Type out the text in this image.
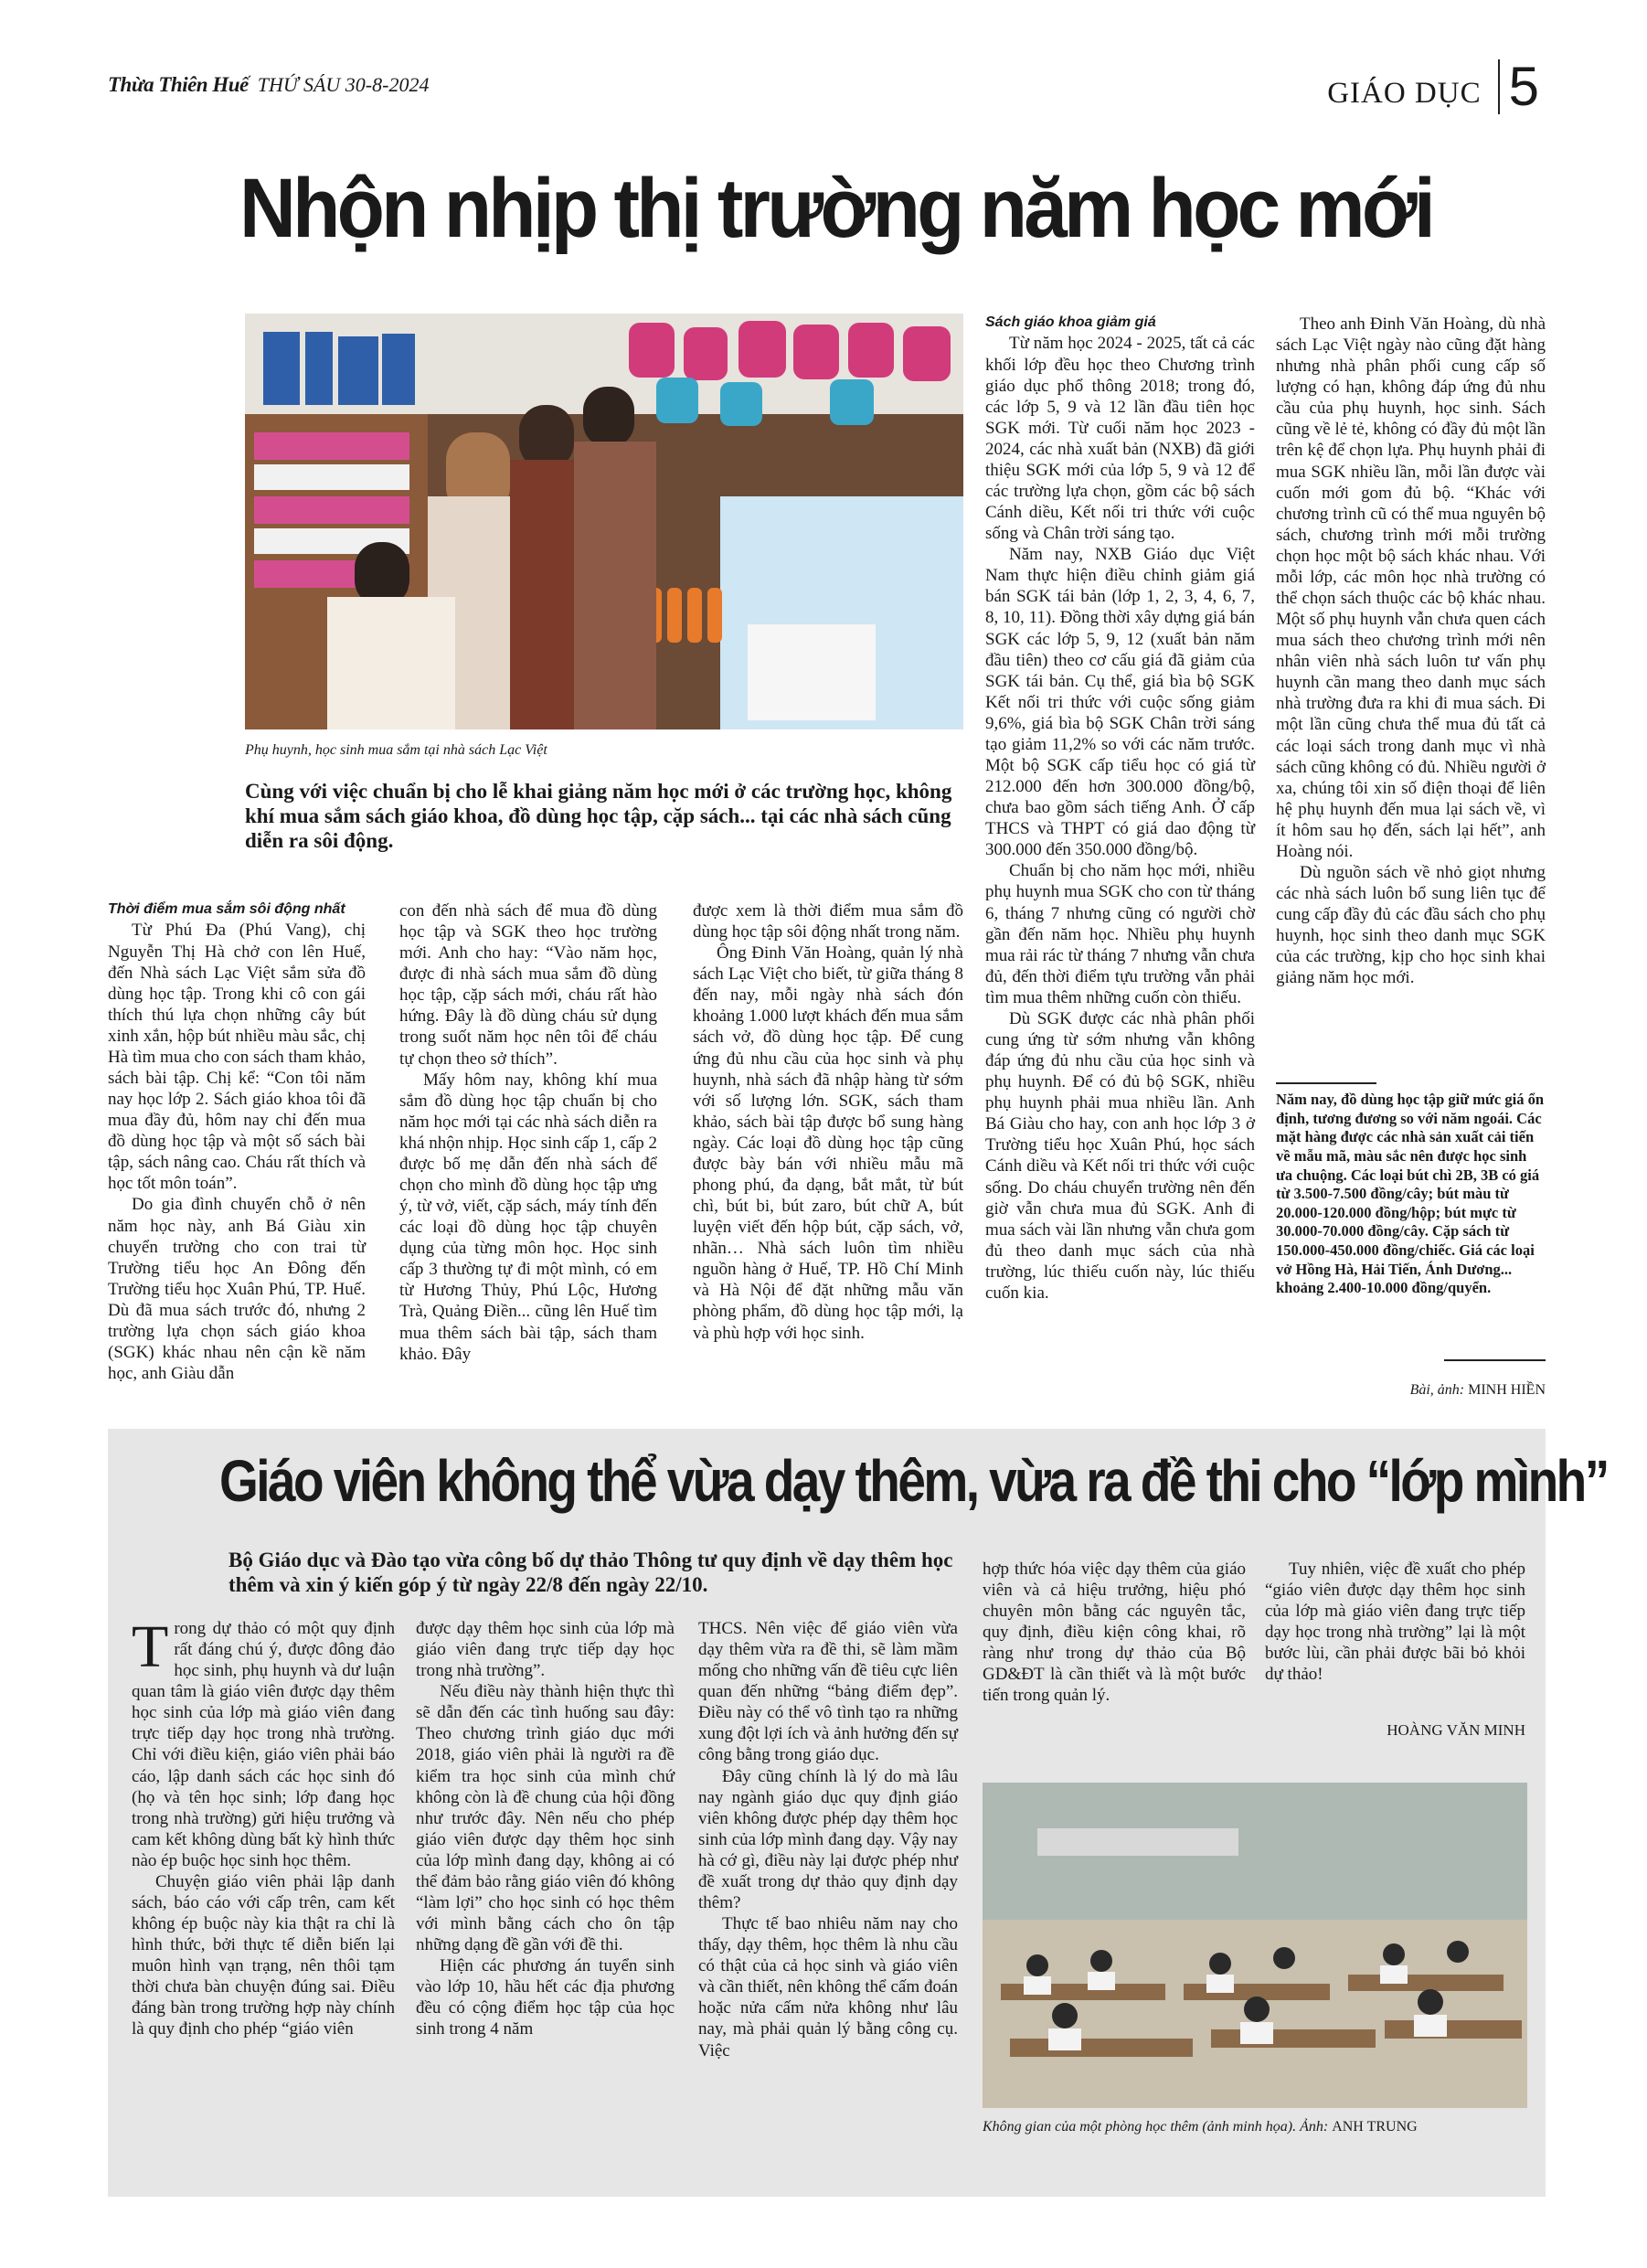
Thừa Thiên Huế THỨ SÁU 30-8-2024	GIÁO DỤC 5
Nhộn nhịp thị trường năm học mới
Phụ huynh, học sinh mua sắm tại nhà sách Lạc Việt
Cùng với việc chuẩn bị cho lễ khai giảng năm học mới ở các trường học, không khí mua sắm sách giáo khoa, đồ dùng học tập, cặp sách... tại các nhà sách cũng diễn ra sôi động.
Thời điểm mua sắm sôi động nhất

Từ Phú Đa (Phú Vang), chị Nguyễn Thị Hà chở con lên Huế, đến Nhà sách Lạc Việt sắm sửa đồ dùng học tập. Trong khi cô con gái thích thú lựa chọn những cây bút xinh xắn, hộp bút nhiều màu sắc, chị Hà tìm mua cho con sách tham khảo, sách bài tập. Chị kể: “Con tôi năm nay học lớp 2. Sách giáo khoa tôi đã mua đầy đủ, hôm nay chỉ đến mua đồ dùng học tập và một số sách bài tập, sách nâng cao. Cháu rất thích và học tốt môn toán”.

Do gia đình chuyển chỗ ở nên năm học này, anh Bá Giàu xin chuyển trường cho con trai từ Trường tiểu học An Đông đến Trường tiểu học Xuân Phú, TP. Huế. Dù đã mua sách trước đó, nhưng 2 trường lựa chọn sách giáo khoa (SGK) khác nhau nên cận kề năm học, anh Giàu dẫn

con đến nhà sách để mua đồ dùng học tập và SGK theo học trường mới. Anh cho hay: “Vào năm học, được đi nhà sách mua sắm đồ dùng học tập, cặp sách mới, cháu rất hào hứng. Đây là đồ dùng cháu sử dụng trong suốt năm học nên tôi để cháu tự chọn theo sở thích”.

Mấy hôm nay, không khí mua sắm đồ dùng học tập chuẩn bị cho năm học mới tại các nhà sách diễn ra khá nhộn nhịp. Học sinh cấp 1, cấp 2 được bố mẹ dẫn đến nhà sách để chọn cho mình đồ dùng học tập ưng ý, từ vở, viết, cặp sách, máy tính đến các loại đồ dùng học tập chuyên dụng của từng môn học. Học sinh cấp 3 thường tự đi một mình, có em từ Hương Thủy, Phú Lộc, Hương Trà, Quảng Điền... cũng lên Huế tìm mua thêm sách bài tập, sách tham khảo. Đây

được xem là thời điểm mua sắm đồ dùng học tập sôi động nhất trong năm.

Ông Đinh Văn Hoàng, quản lý nhà sách Lạc Việt cho biết, từ giữa tháng 8 đến nay, mỗi ngày nhà sách đón khoảng 1.000 lượt khách đến mua sắm sách vở, đồ dùng học tập. Để cung ứng đủ nhu cầu của học sinh và phụ huynh, nhà sách đã nhập hàng từ sớm với số lượng lớn. SGK, sách tham khảo, sách bài tập được bổ sung hàng ngày. Các loại đồ dùng học tập cũng được bày bán với nhiều mẫu mã phong phú, đa dạng, bắt mắt, từ bút chì, bút bi, bút zaro, bút chữ A, bút luyện viết đến hộp bút, cặp sách, vở, nhãn… Nhà sách luôn tìm nhiều nguồn hàng ở Huế, TP. Hồ Chí Minh và Hà Nội để đặt những mẫu văn phòng phẩm, đồ dùng học tập mới, lạ và phù hợp với học sinh.

Sách giáo khoa giảm giá

Từ năm học 2024 - 2025, tất cả các khối lớp đều học theo Chương trình giáo dục phổ thông 2018; trong đó, các lớp 5, 9 và 12 lần đầu tiên học SGK mới. Từ cuối năm học 2023 - 2024, các nhà xuất bản (NXB) đã giới thiệu SGK mới của lớp 5, 9 và 12 để các trường lựa chọn, gồm các bộ sách Cánh diều, Kết nối tri thức với cuộc sống và Chân trời sáng tạo.

Năm nay, NXB Giáo dục Việt Nam thực hiện điều chỉnh giảm giá bán SGK tái bản (lớp 1, 2, 3, 4, 6, 7, 8, 10, 11). Đồng thời xây dựng giá bán SGK các lớp 5, 9, 12 (xuất bản năm đầu tiên) theo cơ cấu giá đã giảm của SGK tái bản. Cụ thể, giá bìa bộ SGK Kết nối tri thức với cuộc sống giảm 9,6%, giá bìa bộ SGK Chân trời sáng tạo giảm 11,2% so với các năm trước. Một bộ SGK cấp tiểu học có giá từ 212.000 đến hơn 300.000 đồng/bộ, chưa bao gồm sách tiếng Anh. Ở cấp THCS và THPT có giá dao động từ 300.000 đến 350.000 đồng/bộ.

Chuẩn bị cho năm học mới, nhiều phụ huynh mua SGK cho con từ tháng 6, tháng 7 nhưng cũng có người chờ gần đến năm học. Nhiều phụ huynh mua rải rác từ tháng 7 nhưng vẫn chưa đủ, đến thời điểm tựu trường vẫn phải tìm mua thêm những cuốn còn thiếu.

Dù SGK được các nhà phân phối cung ứng từ sớm nhưng vẫn không đáp ứng đủ nhu cầu của học sinh và phụ huynh. Để có đủ bộ SGK, nhiều phụ huynh phải mua nhiều lần. Anh Bá Giàu cho hay, con anh học lớp 3 ở Trường tiểu học Xuân Phú, học sách Cánh diều và Kết nối tri thức với cuộc sống. Do cháu chuyển trường nên đến giờ vẫn chưa mua đủ SGK. Anh đi mua sách vài lần nhưng vẫn chưa gom đủ theo danh mục sách của nhà trường, lúc thiếu cuốn này, lúc thiếu cuốn kia.

Theo anh Đinh Văn Hoàng, dù nhà sách Lạc Việt ngày nào cũng đặt hàng nhưng nhà phân phối cung cấp số lượng có hạn, không đáp ứng đủ nhu cầu của phụ huynh, học sinh. Sách cũng về lẻ tẻ, không có đầy đủ một lần trên kệ để chọn lựa. Phụ huynh phải đi mua SGK nhiều lần, mỗi lần được vài cuốn mới gom đủ bộ. “Khác với chương trình cũ có thể mua nguyên bộ sách, chương trình mới mỗi trường chọn học một bộ sách khác nhau. Với mỗi lớp, các môn học nhà trường có thể chọn sách thuộc các bộ khác nhau. Một số phụ huynh vẫn chưa quen cách mua sách theo chương trình mới nên nhân viên nhà sách luôn tư vấn phụ huynh cần mang theo danh mục sách nhà trường đưa ra khi đi mua sách. Đi một lần cũng chưa thể mua đủ tất cả các loại sách trong danh mục vì nhà sách cũng không có đủ. Nhiều người ở xa, chúng tôi xin số điện thoại để liên hệ phụ huynh đến mua lại sách về, vì ít hôm sau họ đến, sách lại hết”, anh Hoàng nói.

Dù nguồn sách về nhỏ giọt nhưng các nhà sách luôn bổ sung liên tục để cung cấp đầy đủ các đầu sách cho phụ huynh, học sinh theo danh mục SGK của các trường, kịp cho học sinh khai giảng năm học mới.

Năm nay, đồ dùng học tập giữ mức giá ổn định, tương đương so với năm ngoái. Các mặt hàng được các nhà sản xuất cải tiến về mẫu mã, màu sắc nên được học sinh ưa chuộng. Các loại bút chì 2B, 3B có giá từ 3.500-7.500 đồng/cây; bút màu từ 20.000-120.000 đồng/hộp; bút mực từ 30.000-70.000 đồng/cây. Cặp sách từ 150.000-450.000 đồng/chiếc. Giá các loại vở Hồng Hà, Hải Tiến, Ánh Dương... khoảng 2.400-10.000 đồng/quyển.
Bài, ảnh: MINH HIỀN
Giáo viên không thể vừa dạy thêm, vừa ra đề thi cho “lớp mình”
Bộ Giáo dục và Đào tạo vừa công bố dự thảo Thông tư quy định về dạy thêm học thêm và xin ý kiến góp ý từ ngày 22/8 đến ngày 22/10.

Trong dự thảo có một quy định rất đáng chú ý, được đông đảo học sinh, phụ huynh và dư luận quan tâm là giáo viên được dạy thêm học sinh của lớp mà giáo viên đang trực tiếp dạy học trong nhà trường. Chỉ với điều kiện, giáo viên phải báo cáo, lập danh sách các học sinh đó (họ và tên học sinh; lớp đang học trong nhà trường) gửi hiệu trưởng và cam kết không dùng bất kỳ hình thức nào ép buộc học sinh học thêm.

Chuyện giáo viên phải lập danh sách, báo cáo với cấp trên, cam kết không ép buộc này kia thật ra chỉ là hình thức, bởi thực tế diễn biến lại muôn hình vạn trạng, nên thôi tạm thời chưa bàn chuyện đúng sai. Điều đáng bàn trong trường hợp này chính là quy định cho phép “giáo viên

được dạy thêm học sinh của lớp mà giáo viên đang trực tiếp dạy học trong nhà trường”.

Nếu điều này thành hiện thực thì sẽ dẫn đến các tình huống sau đây: Theo chương trình giáo dục mới 2018, giáo viên phải là người ra đề kiểm tra học sinh của mình chứ không còn là đề chung của hội đồng như trước đây. Nên nếu cho phép giáo viên được dạy thêm học sinh của lớp mình đang dạy, không ai có thể đảm bảo rằng giáo viên đó không “làm lợi” cho học sinh có học thêm với mình bằng cách cho ôn tập những dạng đề gần với đề thi.

Hiện các phương án tuyển sinh vào lớp 10, hầu hết các địa phương đều có cộng điểm học tập của học sinh trong 4 năm

THCS. Nên việc để giáo viên vừa dạy thêm vừa ra đề thi, sẽ làm mầm mống cho những vấn đề tiêu cực liên quan đến những “bảng điểm đẹp”. Điều này có thể vô tình tạo ra những xung đột lợi ích và ảnh hưởng đến sự công bằng trong giáo dục.

Đây cũng chính là lý do mà lâu nay ngành giáo dục quy định giáo viên không được phép dạy thêm học sinh của lớp mình đang dạy. Vậy nay hà cớ gì, điều này lại được phép như đề xuất trong dự thảo quy định dạy thêm?

Thực tế bao nhiêu năm nay cho thấy, dạy thêm, học thêm là nhu cầu có thật của cả học sinh và giáo viên và cần thiết, nên không thể cấm đoán hoặc nửa cấm nửa không như lâu nay, mà phải quản lý bằng công cụ. Việc

hợp thức hóa việc dạy thêm của giáo viên và cả hiệu trưởng, hiệu phó chuyên môn bằng các nguyên tắc, quy định, điều kiện công khai, rõ ràng như trong dự thảo của Bộ GD&ĐT là cần thiết và là một bước tiến trong quản lý.

Tuy nhiên, việc đề xuất cho phép “giáo viên được dạy thêm học sinh của lớp mà giáo viên đang trực tiếp dạy học trong nhà trường” lại là một bước lùi, cần phải được bãi bỏ khỏi dự thảo!

HOÀNG VĂN MINH
Không gian của một phòng học thêm (ảnh minh họa). Ảnh: ANH TRUNG
